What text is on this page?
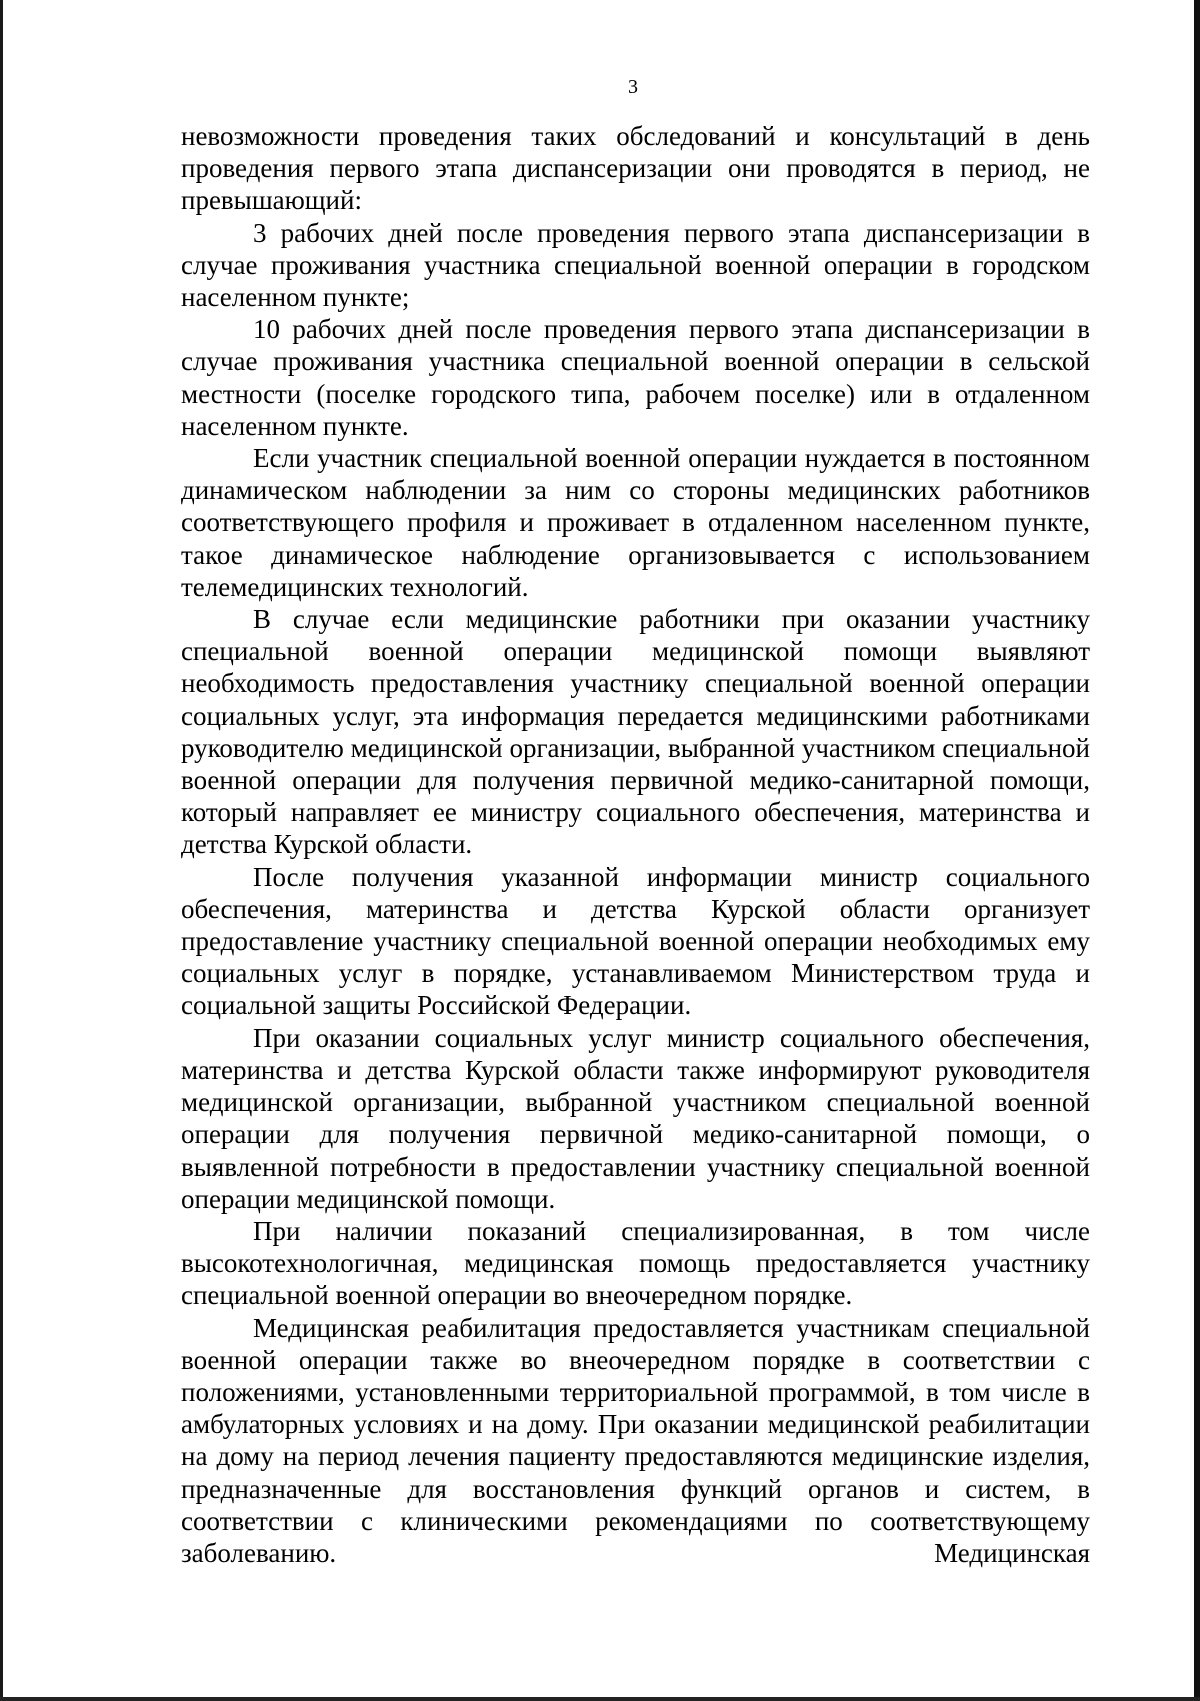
3

невозможности проведения таких обследований и консультаций в день проведения первого этапа диспансеризации они проводятся в период, не превышающий:

3 рабочих дней после проведения первого этапа диспансеризации в случае проживания участника специальной военной операции в городском населенном пункте;

10 рабочих дней после проведения первого этапа диспансеризации в случае проживания участника специальной военной операции в сельской местности (поселке городского типа, рабочем поселке) или в отдаленном населенном пункте.

Если участник специальной военной операции нуждается в постоянном динамическом наблюдении за ним со стороны медицинских работников соответствующего профиля и проживает в отдаленном населенном пункте, такое динамическое наблюдение организовывается с использованием телемедицинских технологий.

В случае если медицинские работники при оказании участнику специальной военной операции медицинской помощи выявляют необходимость предоставления участнику специальной военной операции социальных услуг, эта информация передается медицинскими работниками руководителю медицинской организации, выбранной участником специальной военной операции для получения первичной медико-санитарной помощи, который направляет ее министру социального обеспечения, материнства и детства Курской области.

После получения указанной информации министр социального обеспечения, материнства и детства Курской области организует предоставление участнику специальной военной операции необходимых ему социальных услуг в порядке, устанавливаемом Министерством труда и социальной защиты Российской Федерации.

При оказании социальных услуг министр социального обеспечения, материнства и детства Курской области также информируют руководителя медицинской организации, выбранной участником специальной военной операции для получения первичной медико-санитарной помощи, о выявленной потребности в предоставлении участнику специальной военной операции медицинской помощи.

При наличии показаний специализированная, в том числе высокотехнологичная, медицинская помощь предоставляется участнику специальной военной операции во внеочередном порядке.

Медицинская реабилитация предоставляется участникам специальной военной операции также во внеочередном порядке в соответствии с положениями, установленными территориальной программой, в том числе в амбулаторных условиях и на дому. При оказании медицинской реабилитации на дому на период лечения пациенту предоставляются медицинские изделия, предназначенные для восстановления функций органов и систем, в соответствии с клиническими рекомендациями по соответствующему заболеванию. Медицинская
